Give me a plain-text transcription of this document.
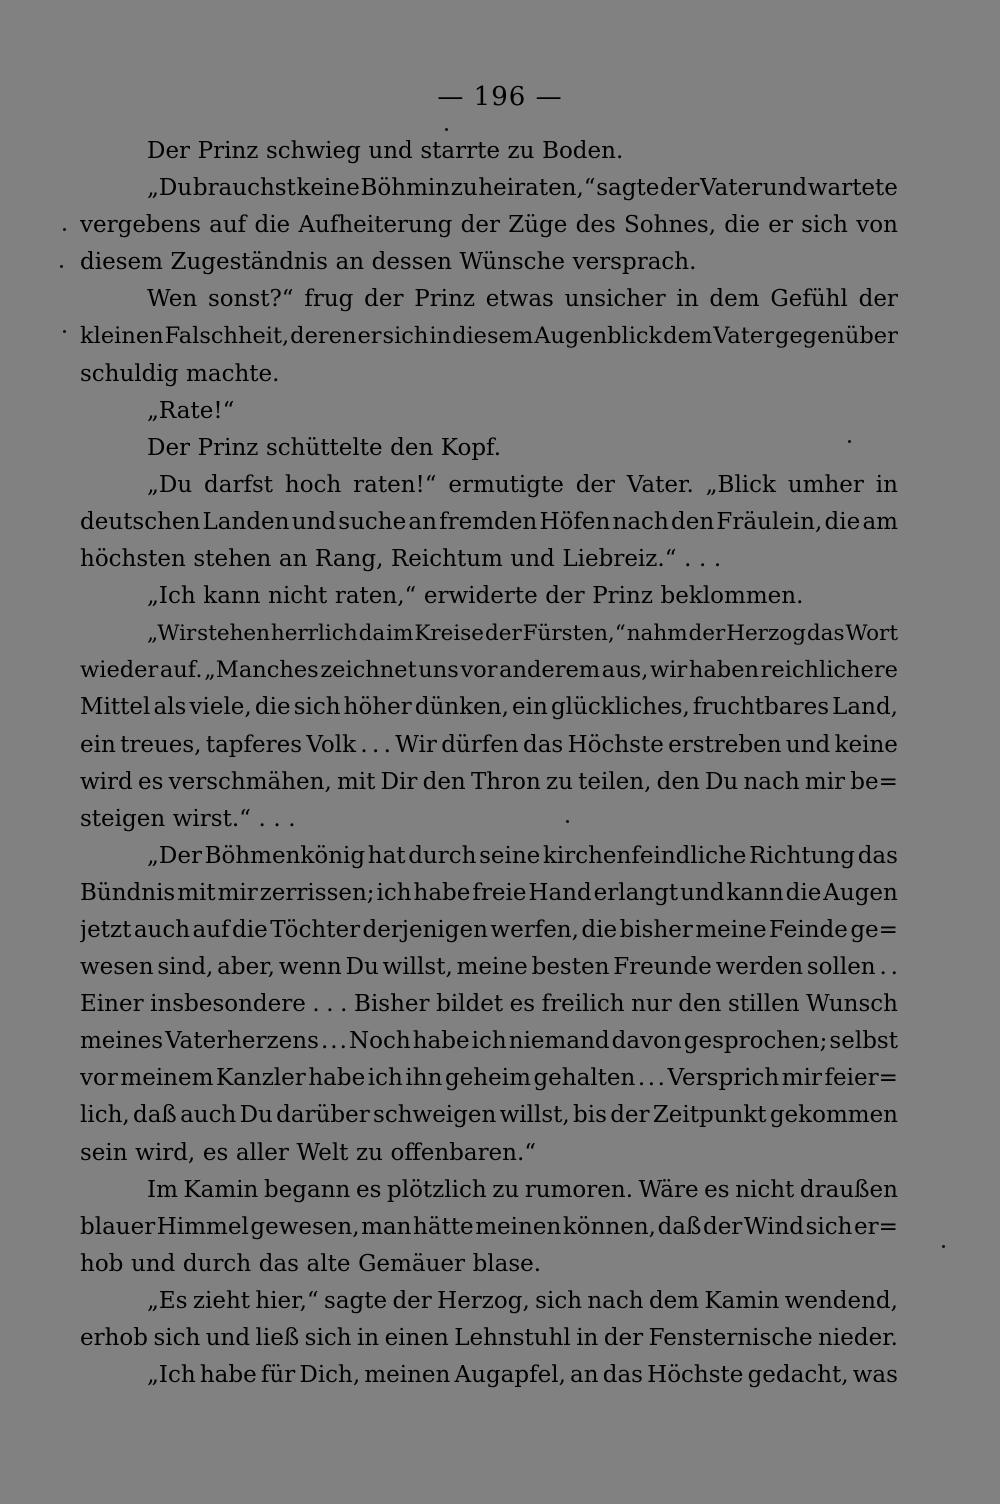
— 196 —
Der Prinz schwieg und starrte zu Boden.
„Du brauchst keine Böhmin zu heiraten,“ sagte der Vater und wartete
vergebens auf die Aufheiterung der Züge des Sohnes, die er sich von
diesem Zugeständnis an dessen Wünsche versprach.
Wen sonst?“ frug der Prinz etwas unsicher in dem Gefühl der
kleinen Falschheit, deren er sich in diesem Augenblick dem Vater gegenüber
schuldig machte.
„Rate!“
Der Prinz schüttelte den Kopf.
„Du darfst hoch raten!“ ermutigte der Vater. „Blick umher in
deutschen Landen und suche an fremden Höfen nach den Fräulein, die am
höchsten stehen an Rang, Reichtum und Liebreiz.“ . . .
„Ich kann nicht raten,“ erwiderte der Prinz beklommen.
„Wir stehen herrlich da im Kreise der Fürsten,“ nahm der Herzog das Wort
wieder auf. „Manches zeichnet uns vor anderem aus, wir haben reichlichere
Mittel als viele, die sich höher dünken, ein glückliches, fruchtbares Land,
ein treues, tapferes Volk . . . Wir dürfen das Höchste erstreben und keine
wird es verschmähen, mit Dir den Thron zu teilen, den Du nach mir be=
steigen wirst.“ . . .
„Der Böhmenkönig hat durch seine kirchenfeindliche Richtung das
Bündnis mit mir zerrissen; ich habe freie Hand erlangt und kann die Augen
jetzt auch auf die Töchter derjenigen werfen, die bisher meine Feinde ge=
wesen sind, aber, wenn Du willst, meine besten Freunde werden sollen . .
Einer insbesondere . . . Bisher bildet es freilich nur den stillen Wunsch
meines Vaterherzens . . . Noch habe ich niemand davon gesprochen; selbst
vor meinem Kanzler habe ich ihn geheim gehalten . . . Versprich mir feier=
lich, daß auch Du darüber schweigen willst, bis der Zeitpunkt gekommen
sein wird, es aller Welt zu offenbaren.“
Im Kamin begann es plötzlich zu rumoren. Wäre es nicht draußen
blauer Himmel gewesen, man hätte meinen können, daß der Wind sich er=
hob und durch das alte Gemäuer blase.
„Es zieht hier,“ sagte der Herzog, sich nach dem Kamin wendend,
erhob sich und ließ sich in einen Lehnstuhl in der Fensternische nieder.
„Ich habe für Dich, meinen Augapfel, an das Höchste gedacht, was
